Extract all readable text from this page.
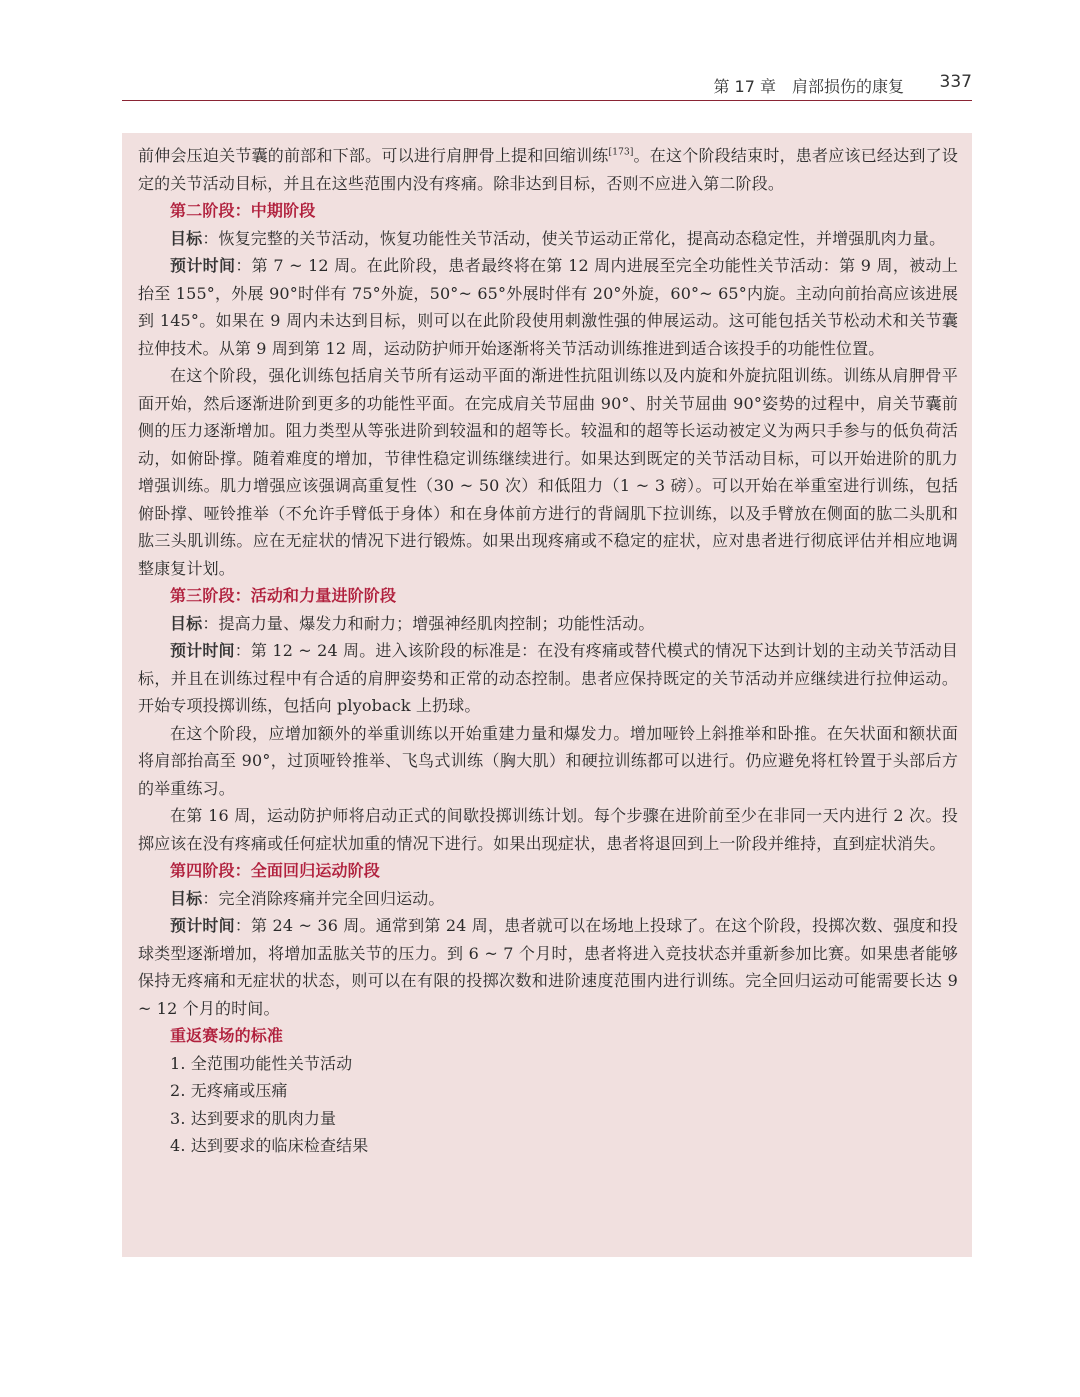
第 17 章　肩部损伤的康复 337

前伸会压迫关节囊的前部和下部。可以进行肩胛骨上提和回缩训练[173]。在这个阶段结束时，患者应该已经达到了设定的关节活动目标，并且在这些范围内没有疼痛。除非达到目标，否则不应进入第二阶段。

第二阶段：中期阶段

目标：恢复完整的关节活动，恢复功能性关节活动，使关节运动正常化，提高动态稳定性，并增强肌肉力量。

预计时间：第 7 ~ 12 周。在此阶段，患者最终将在第 12 周内进展至完全功能性关节活动：第 9 周，被动上抬至 155°，外展 90°时伴有 75°外旋，50°~ 65°外展时伴有 20°外旋，60°~ 65°内旋。主动向前抬高应该进展到 145°。如果在 9 周内未达到目标，则可以在此阶段使用刺激性强的伸展运动。这可能包括关节松动术和关节囊拉伸技术。从第 9 周到第 12 周，运动防护师开始逐渐将关节活动训练推进到适合该投手的功能性位置。

在这个阶段，强化训练包括肩关节所有运动平面的渐进性抗阻训练以及内旋和外旋抗阻训练。训练从肩胛骨平面开始，然后逐渐进阶到更多的功能性平面。在完成肩关节屈曲 90°、肘关节屈曲 90°姿势的过程中，肩关节囊前侧的压力逐渐增加。阻力类型从等张进阶到较温和的超等长。较温和的超等长运动被定义为两只手参与的低负荷活动，如俯卧撑。随着难度的增加，节律性稳定训练继续进行。如果达到既定的关节活动目标，可以开始进阶的肌力增强训练。肌力增强应该强调高重复性（30 ~ 50 次）和低阻力（1 ~ 3 磅）。可以开始在举重室进行训练，包括俯卧撑、哑铃推举（不允许手臂低于身体）和在身体前方进行的背阔肌下拉训练，以及手臂放在侧面的肱二头肌和肱三头肌训练。应在无症状的情况下进行锻炼。如果出现疼痛或不稳定的症状，应对患者进行彻底评估并相应地调整康复计划。

第三阶段：活动和力量进阶阶段

目标：提高力量、爆发力和耐力；增强神经肌肉控制；功能性活动。

预计时间：第 12 ~ 24 周。进入该阶段的标准是：在没有疼痛或替代模式的情况下达到计划的主动关节活动目标，并且在训练过程中有合适的肩胛姿势和正常的动态控制。患者应保持既定的关节活动并应继续进行拉伸运动。开始专项投掷训练，包括向 plyoback 上扔球。

在这个阶段，应增加额外的举重训练以开始重建力量和爆发力。增加哑铃上斜推举和卧推。在矢状面和额状面将肩部抬高至 90°，过顶哑铃推举、飞鸟式训练（胸大肌）和硬拉训练都可以进行。仍应避免将杠铃置于头部后方的举重练习。

在第 16 周，运动防护师将启动正式的间歇投掷训练计划。每个步骤在进阶前至少在非同一天内进行 2 次。投掷应该在没有疼痛或任何症状加重的情况下进行。如果出现症状，患者将退回到上一阶段并维持，直到症状消失。

第四阶段：全面回归运动阶段

目标：完全消除疼痛并完全回归运动。

预计时间：第 24 ~ 36 周。通常到第 24 周，患者就可以在场地上投球了。在这个阶段，投掷次数、强度和投球类型逐渐增加，将增加盂肱关节的压力。到 6 ~ 7 个月时，患者将进入竞技状态并重新参加比赛。如果患者能够保持无疼痛和无症状的状态，则可以在有限的投掷次数和进阶速度范围内进行训练。完全回归运动可能需要长达 9 ~ 12 个月的时间。

重返赛场的标准

1. 全范围功能性关节活动

2. 无疼痛或压痛

3. 达到要求的肌肉力量

4. 达到要求的临床检查结果
